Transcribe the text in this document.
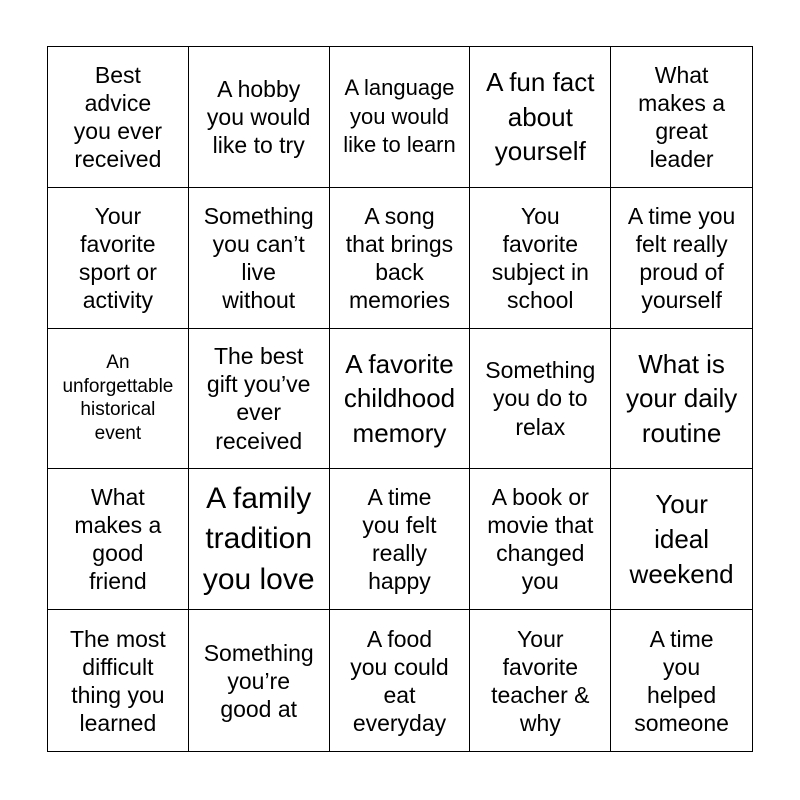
Best
advice
you ever
received
A hobby
you would
like to try
A language
you would
like to learn
A fun fact
about
yourself
What
makes a
great
leader
Your
favorite
sport or
activity
Something
you can’t
live
without
A song
that brings
back
memories
You
favorite
subject in
school
A time you
felt really
proud of
yourself
An
unforgettable
historical
event
The best
gift you’ve
ever
received
A favorite
childhood
memory
Something
you do to
relax
What is
your daily
routine
What
makes a
good
friend
A family
tradition
you love
A time
you felt
really
happy
A book or
movie that
changed
you
Your
ideal
weekend
The most
difficult
thing you
learned
Something
you’re
good at
A food
you could
eat
everyday
Your
favorite
teacher &
why
A time
you
helped
someone
